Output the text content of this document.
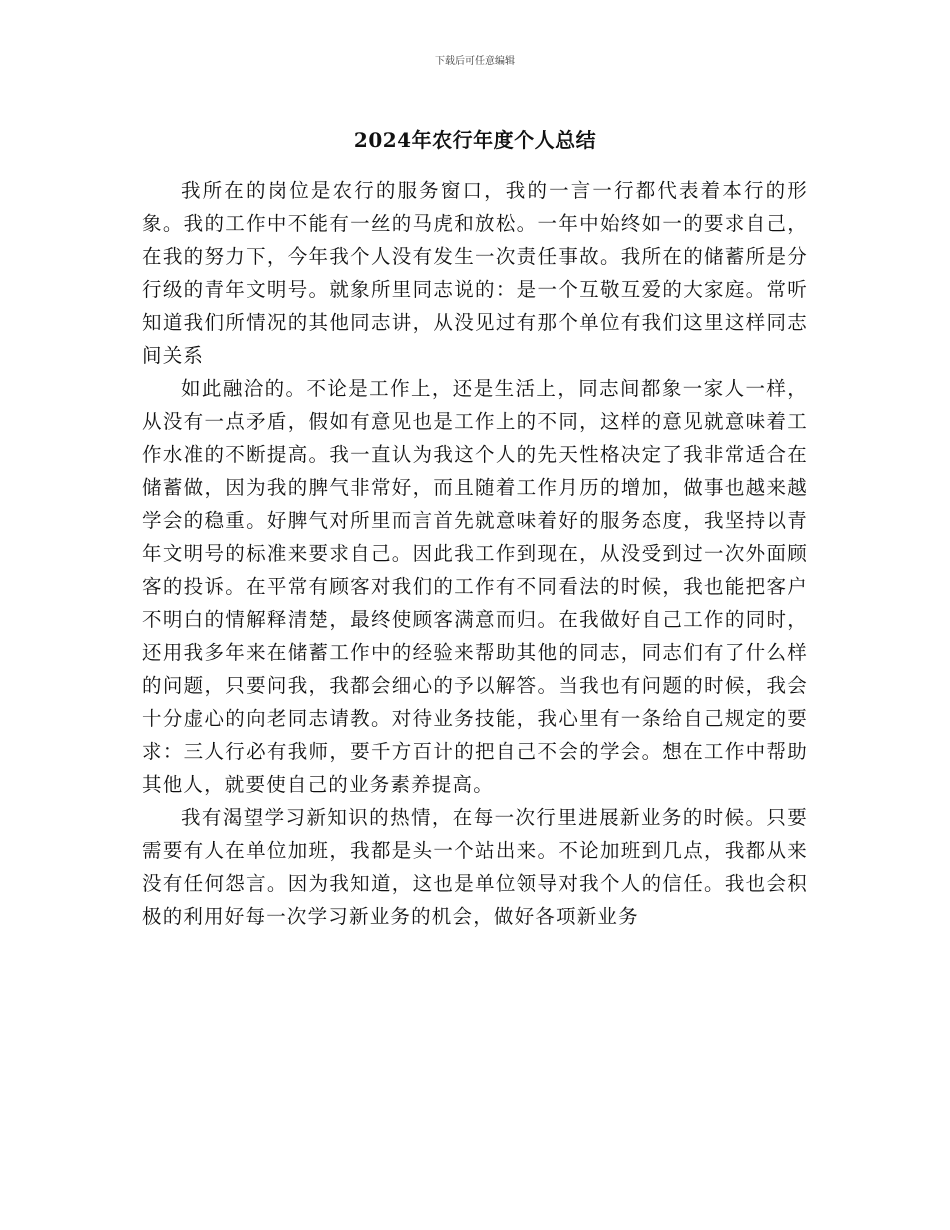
下载后可任意编辑
2024年农行年度个人总结

我所在的岗位是农行的服务窗口，我的一言一行都代表着本行的形象。我的工作中不能有一丝的马虎和放松。一年中始终如一的要求自己，在我的努力下，今年我个人没有发生一次责任事故。我所在的储蓄所是分行级的青年文明号。就象所里同志说的：是一个互敬互爱的大家庭。常听知道我们所情况的其他同志讲，从没见过有那个单位有我们这里这样同志间关系

如此融洽的。不论是工作上，还是生活上，同志间都象一家人一样，从没有一点矛盾，假如有意见也是工作上的不同，这样的意见就意味着工作水准的不断提高。我一直认为我这个人的先天性格决定了我非常适合在储蓄做，因为我的脾气非常好，而且随着工作月历的增加，做事也越来越学会的稳重。好脾气对所里而言首先就意味着好的服务态度，我坚持以青年文明号的标准来要求自己。因此我工作到现在，从没受到过一次外面顾客的投诉。在平常有顾客对我们的工作有不同看法的时候，我也能把客户不明白的情解释清楚，最终使顾客满意而归。在我做好自己工作的同时，还用我多年来在储蓄工作中的经验来帮助其他的同志，同志们有了什么样的问题，只要问我，我都会细心的予以解答。当我也有问题的时候，我会十分虚心的向老同志请教。对待业务技能，我心里有一条给自己规定的要求：三人行必有我师，要千方百计的把自己不会的学会。想在工作中帮助其他人，就要使自己的业务素养提高。

我有渴望学习新知识的热情，在每一次行里进展新业务的时候。只要需要有人在单位加班，我都是头一个站出来。不论加班到几点，我都从来没有任何怨言。因为我知道，这也是单位领导对我个人的信任。我也会积极的利用好每一次学习新业务的机会，做好各项新业务
